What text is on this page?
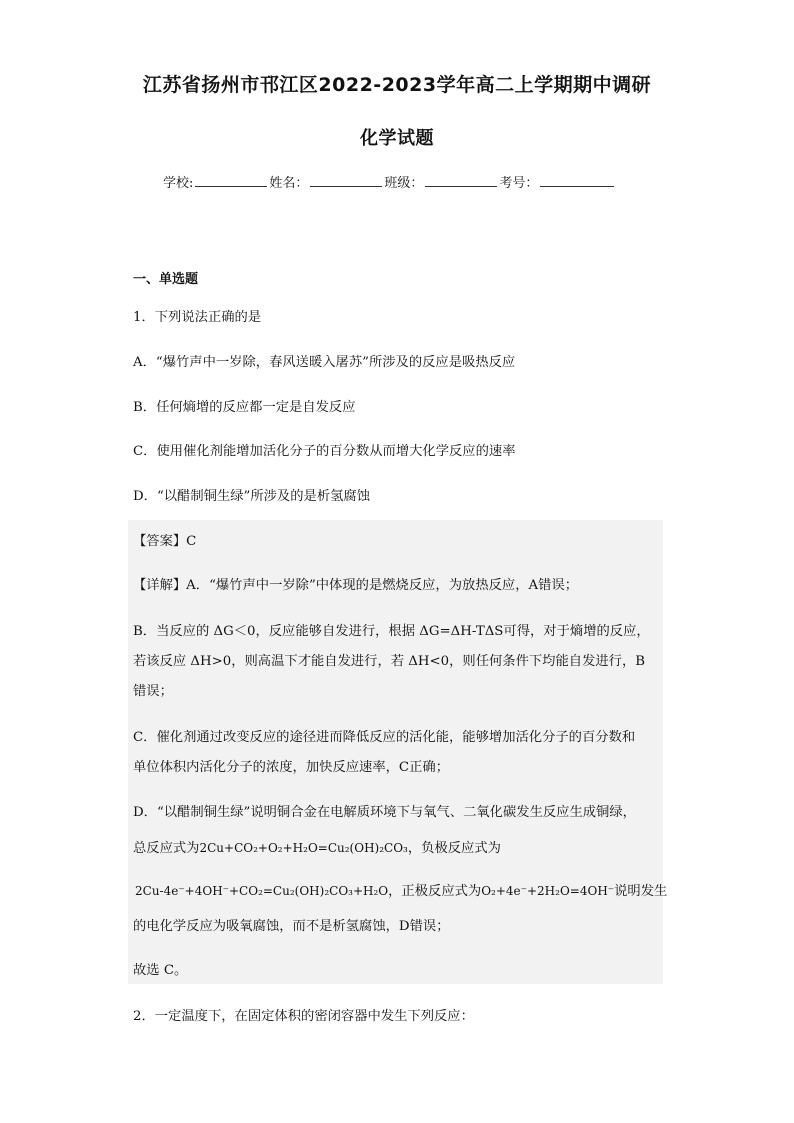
江苏省扬州市邗江区2022-2023学年高二上学期期中调研
化学试题
学校:	姓名：	班级：	考号：
一、单选题
1．下列说法正确的是
A．“爆竹声中一岁除，春风送暖入屠苏”所涉及的反应是吸热反应
B．任何熵增的反应都一定是自发反应
C．使用催化剂能增加活化分子的百分数从而增大化学反应的速率
D．“以醋制铜生绿”所涉及的是析氢腐蚀
【答案】C
【详解】A．“爆竹声中一岁除”中体现的是燃烧反应，为放热反应，A错误；
B．当反应的 ΔG＜0，反应能够自发进行，根据 ΔG=ΔH-TΔS可得，对于熵增的反应，
若该反应 ΔH>0，则高温下才能自发进行，若 ΔH<0，则任何条件下均能自发进行，B
错误；
C．催化剂通过改变反应的途径进而降低反应的活化能，能够增加活化分子的百分数和
单位体积内活化分子的浓度，加快反应速率，C正确；
D．“以醋制铜生绿”说明铜合金在电解质环境下与氧气、二氧化碳发生反应生成铜绿，
总反应式为2Cu+CO₂+O₂+H₂O=Cu₂(OH)₂CO₃，负极反应式为
2Cu-4e⁻+4OH⁻+CO₂=Cu₂(OH)₂CO₃+H₂O，正极反应式为O₂+4e⁻+2H₂O=4OH⁻说明发生
的电化学反应为吸氧腐蚀，而不是析氢腐蚀，D错误；
故选 C。
2．一定温度下，在固定体积的密闭容器中发生下列反应：
